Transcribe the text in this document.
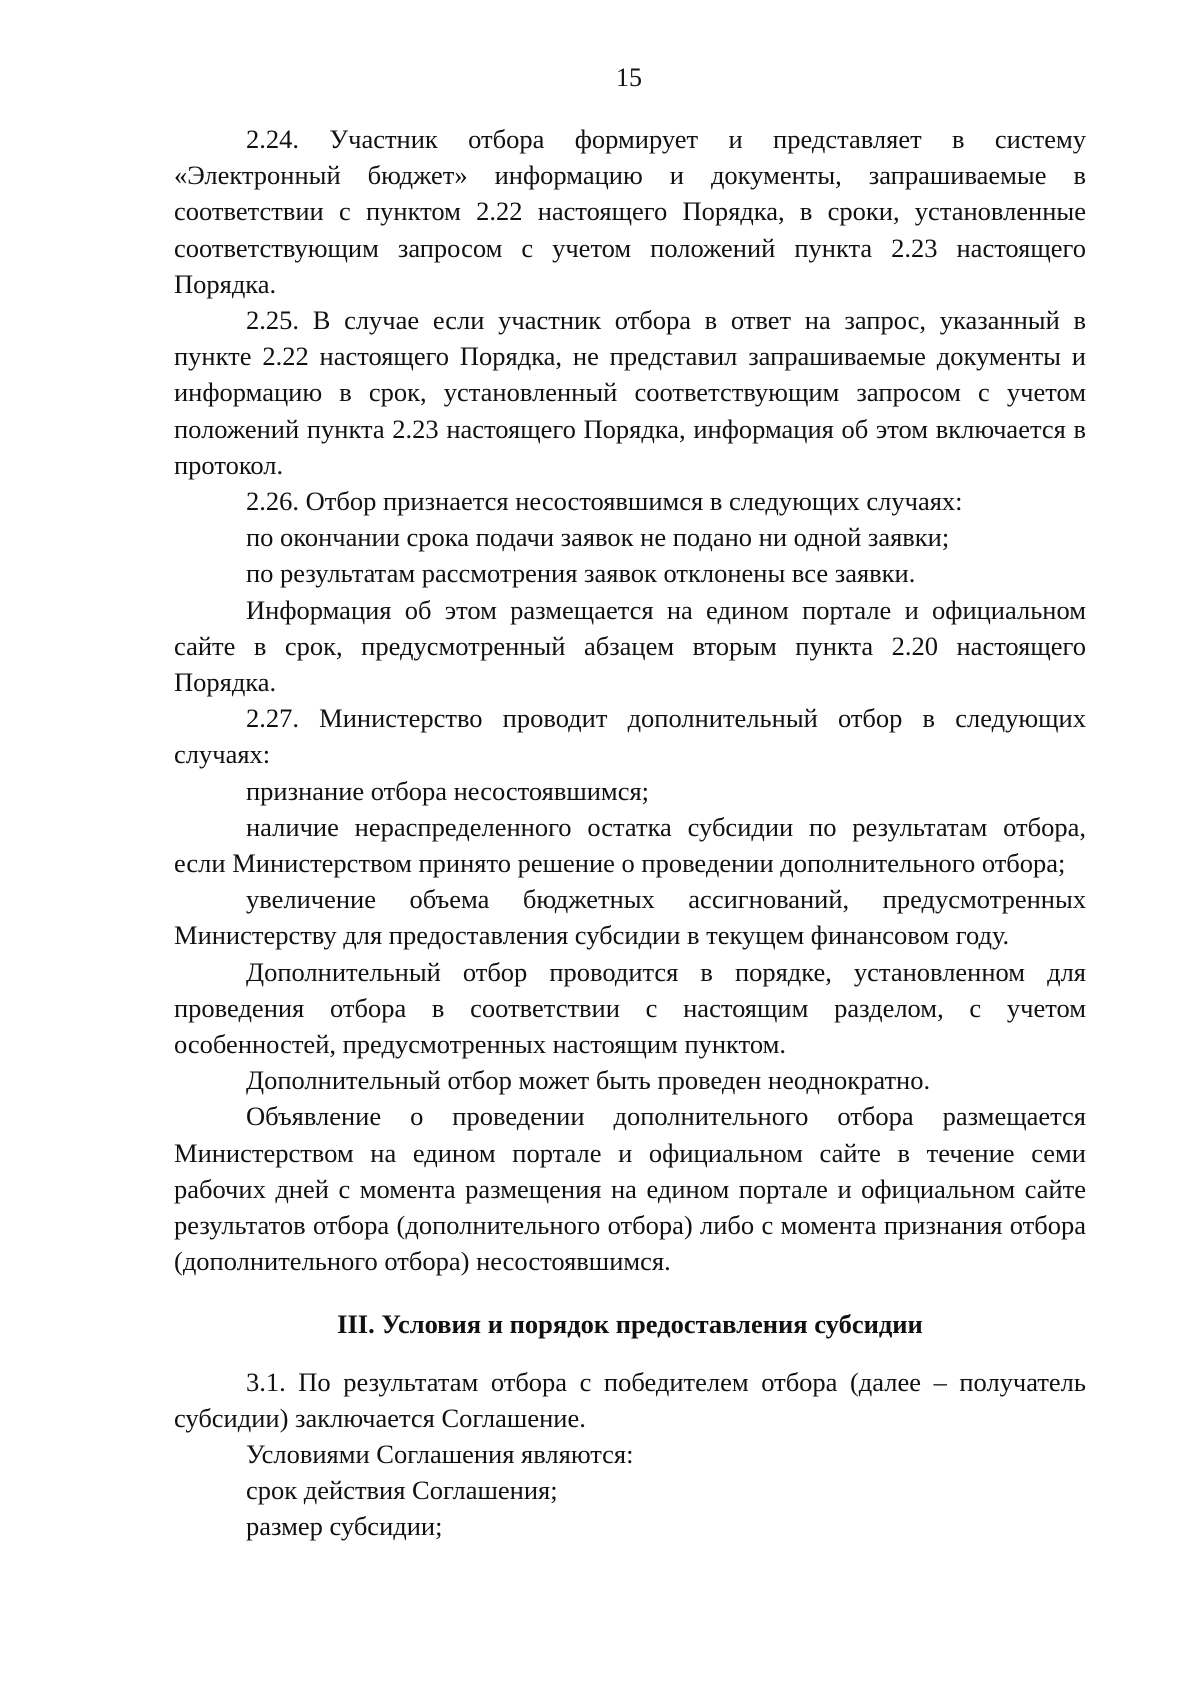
15

2.24. Участник отбора формирует и представляет в систему «Электронный бюджет» информацию и документы, запрашиваемые в соответствии с пунктом 2.22 настоящего Порядка, в сроки, установленные соответствующим запросом с учетом положений пункта 2.23 настоящего Порядка.

2.25. В случае если участник отбора в ответ на запрос, указанный в пункте 2.22 настоящего Порядка, не представил запрашиваемые документы и информацию в срок, установленный соответствующим запросом с учетом положений пункта 2.23 настоящего Порядка, информация об этом включается в протокол.

2.26. Отбор признается несостоявшимся в следующих случаях:

по окончании срока подачи заявок не подано ни одной заявки;

по результатам рассмотрения заявок отклонены все заявки.

Информация об этом размещается на едином портале и официальном сайте в срок, предусмотренный абзацем вторым пункта 2.20 настоящего Порядка.

2.27. Министерство проводит дополнительный отбор в следующих случаях:

признание отбора несостоявшимся;

наличие нераспределенного остатка субсидии по результатам отбора, если Министерством принято решение о проведении дополнительного отбора;

увеличение объема бюджетных ассигнований, предусмотренных Министерству для предоставления субсидии в текущем финансовом году.

Дополнительный отбор проводится в порядке, установленном для проведения отбора в соответствии с настоящим разделом, с учетом особенностей, предусмотренных настоящим пунктом.

Дополнительный отбор может быть проведен неоднократно.

Объявление о проведении дополнительного отбора размещается Министерством на едином портале и официальном сайте в течение семи рабочих дней с момента размещения на едином портале и официальном сайте результатов отбора (дополнительного отбора) либо с момента признания отбора (дополнительного отбора) несостоявшимся.

III. Условия и порядок предоставления субсидии

3.1. По результатам отбора с победителем отбора (далее – получатель субсидии) заключается Соглашение.

Условиями Соглашения являются:

срок действия Соглашения;

размер субсидии;
